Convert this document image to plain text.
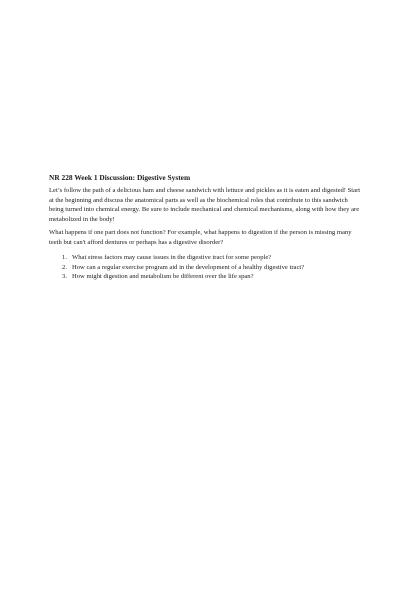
NR 228 Week 1 Discussion: Digestive System

Let’s follow the path of a delicious ham and cheese sandwich with lettuce and pickles as it is eaten and digested! Start at the beginning and discuss the anatomical parts as well as the biochemical roles that contribute to this sandwich being turned into chemical energy. Be sure to include mechanical and chemical mechanisms, along with how they are metabolized in the body!

What happens if one part does not function? For example, what happens to digestion if the person is missing many teeth but can't afford dentures or perhaps has a digestive disorder?

1. What stress factors may cause issues in the digestive tract for some people?
2. How can a regular exercise program aid in the development of a healthy digestive tract?
3. How might digestion and metabolism be different over the life span?
